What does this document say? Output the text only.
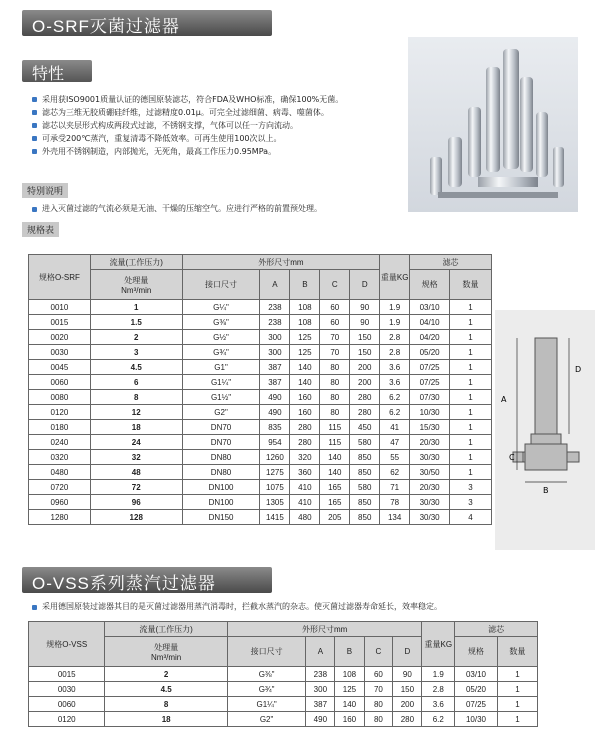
O-SRF灭菌过滤器
特性
采用获ISO9001质量认证的德国原装滤芯，符合FDA及WHO标准，确保100%无菌。
滤芯为三维无胶质硼硅纤维，过滤精度0.01μ。可完全过滤细菌、病毒、噬菌体。
滤芯以夹层形式构成两段式过滤，不锈钢支撑，气体可以任一方向流动。
可承受200℃蒸汽，重复清毒不降低效率。可再生使用100次以上。
外壳用不锈钢制造，内部抛光，无死角，最高工作压力0.95MPa。
特别说明
进入灭菌过滤的气流必须是无油、干燥的压缩空气。应进行严格的前置预处理。
规格表
规格O-SRF	流量(工作压力)	外形尺寸mm					重量KG	滤芯	

	处理量
Nm³/min	接口尺寸	A	B	C	D		规格	数量
0010	1	G¼"	238	108	60	90	1.9	03/10	1
0015	1.5	G⅜"	238	108	60	90	1.9	04/10	1
0020	2	G½"	300	125	70	150	2.8	04/20	1
0030	3	G¾"	300	125	70	150	2.8	05/20	1
0045	4.5	G1"	387	140	80	200	3.6	07/25	1
0060	6	G1¼"	387	140	80	200	3.6	07/25	1
0080	8	G1½"	490	160	80	280	6.2	07/30	1
0120	12	G2"	490	160	80	280	6.2	10/30	1
0180	18	DN70	835	280	115	450	41	15/30	1
0240	24	DN70	954	280	115	580	47	20/30	1
0320	32	DN80	1260	320	140	850	55	30/30	1
0480	48	DN80	1275	360	140	850	62	30/50	1
0720	72	DN100	1075	410	165	580	71	20/30	3
0960	96	DN100	1305	410	165	850	78	30/30	3
1280	128	DN150	1415	480	205	850	134	30/30	4
A
B
C
D
O-VSS系列蒸汽过滤器
采用德国原装过滤器其目的是灭菌过滤器用蒸汽消毒时，拦截水蒸汽的杂志。使灭菌过滤器寿命延长，效率稳定。
规格O-VSS	流量(工作压力)	外形尺寸mm					重量KG	滤芯	

	处理量
Nm³/min	接口尺寸	A	B	C	D		规格	数量
0015	2	G⅜"	238	108	60	90	1.9	03/10	1
0030	4.5	G¾"	300	125	70	150	2.8	05/20	1
0060	8	G1¼"	387	140	80	200	3.6	07/25	1
0120	18	G2"	490	160	80	280	6.2	10/30	1
